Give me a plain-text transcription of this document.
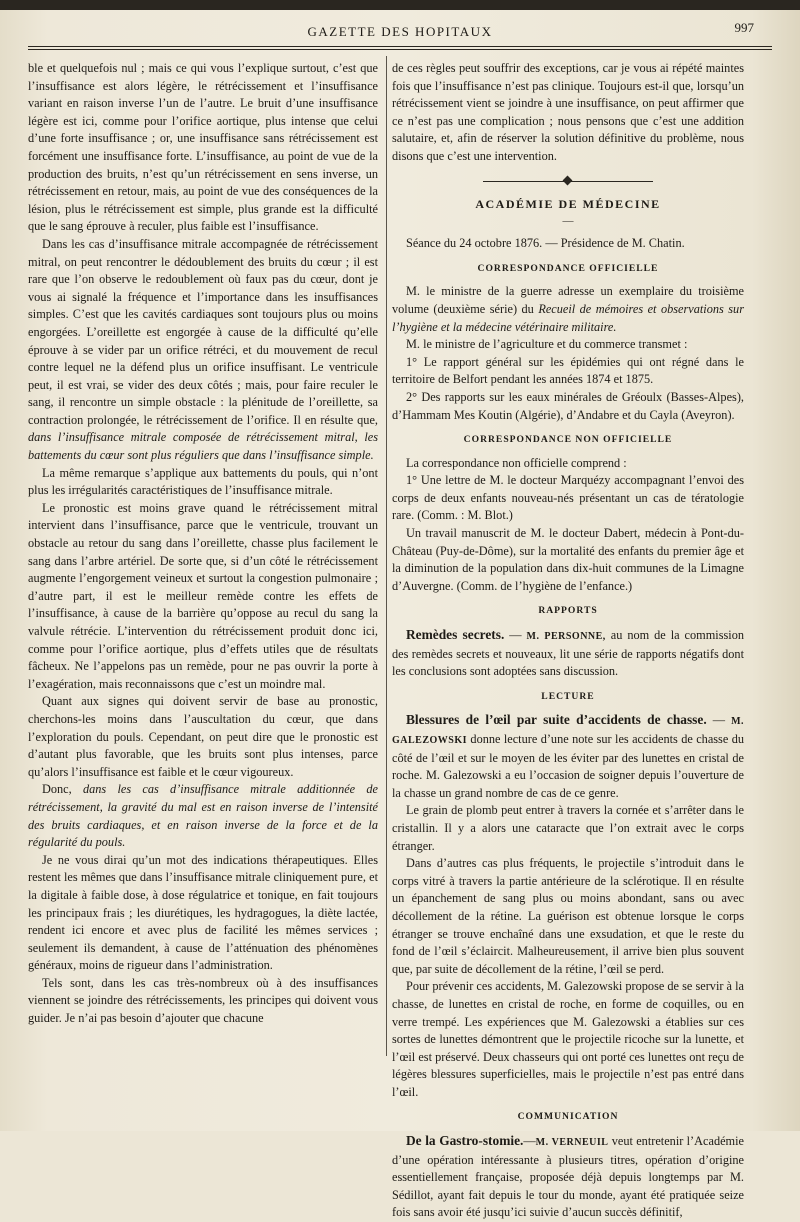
GAZETTE DES HOPITAUX	997

ble et quelquefois nul ; mais ce qui vous l’explique surtout, c’est que l’insuffisance est alors légère, le rétrécissement et l’insuffisance variant en raison inverse l’un de l’autre. Le bruit d’une insuffisance légère est ici, comme pour l’orifice aortique, plus intense que celui d’une forte insuffisance ; or, une insuffisance sans rétrécissement est forcément une insuffisance forte. L’insuffisance, au point de vue de la production des bruits, n’est qu’un rétrécissement en sens inverse, un rétrécissement en retour, mais, au point de vue des conséquences de la lésion, plus le rétrécissement est simple, plus grande est la difficulté que le sang éprouve à reculer, plus faible est l’insuffisance.

Dans les cas d’insuffisance mitrale accompagnée de rétrécissement mitral, on peut rencontrer le dédoublement des bruits du cœur ; il est rare que l’on observe le redoublement où faux pas du cœur, dont je vous ai signalé la fréquence et l’importance dans les insuffisances simples. C’est que les cavités cardiaques sont toujours plus ou moins engorgées. L’oreillette est engorgée à cause de la difficulté qu’elle éprouve à se vider par un orifice rétréci, et du mouvement de recul contre lequel ne la défend plus un orifice insuffisant. Le ventricule peut, il est vrai, se vider des deux côtés ; mais, pour faire reculer le sang, il rencontre un simple obstacle : la plénitude de l’oreillette, sa contraction prolongée, le rétrécissement de l’orifice. Il en résulte que, dans l’insuffisance mitrale composée de rétrécissement mitral, les battements du cœur sont plus réguliers que dans l’insuffisance simple.

La même remarque s’applique aux battements du pouls, qui n’ont plus les irrégularités caractéristiques de l’insuffisance mitrale.

Le pronostic est moins grave quand le rétrécissement mitral intervient dans l’insuffisance, parce que le ventricule, trouvant un obstacle au retour du sang dans l’oreillette, chasse plus facilement le sang dans l’arbre artériel. De sorte que, si d’un côté le rétrécissement augmente l’engorgement veineux et surtout la congestion pulmonaire ; d’autre part, il est le meilleur remède contre les effets de l’insuffisance, à cause de la barrière qu’oppose au recul du sang la valvule rétrécie. L’intervention du rétrécissement produit donc ici, comme pour l’orifice aortique, plus d’effets utiles que de résultats fâcheux. Ne l’appelons pas un remède, pour ne pas ouvrir la porte à l’exagération, mais reconnaissons que c’est un moindre mal.

Quant aux signes qui doivent servir de base au pronostic, cherchons-les moins dans l’auscultation du cœur, que dans l’exploration du pouls. Cependant, on peut dire que le pronostic est d’autant plus favorable, que les bruits sont plus intenses, parce qu’alors l’insuffisance est faible et le cœur vigoureux.

Donc, dans les cas d’insuffisance mitrale additionnée de rétrécissement, la gravité du mal est en raison inverse de l’intensité des bruits cardiaques, et en raison inverse de la force et de la régularité du pouls.

Je ne vous dirai qu’un mot des indications thérapeutiques. Elles restent les mêmes que dans l’insuffisance mitrale cliniquement pure, et la digitale à faible dose, à dose régulatrice et tonique, en fait toujours les principaux frais ; les diurétiques, les hydragogues, la diète lactée, rendent ici encore et avec plus de facilité les mêmes services ; seulement ils demandent, à cause de l’atténuation des phénomènes généraux, moins de rigueur dans l’administration.

Tels sont, dans les cas très-nombreux où à des insuffisances viennent se joindre des rétrécissements, les principes qui doivent vous guider. Je n’ai pas besoin d’ajouter que chacune

de ces règles peut souffrir des exceptions, car je vous ai répété maintes fois que l’insuffisance n’est pas clinique. Toujours est-il que, lorsqu’un rétrécissement vient se joindre à une insuffisance, on peut affirmer que ce n’est pas une complication ; nous pensons que c’est une addition salutaire, et, afin de réserver la solution définitive du problème, nous disons que c’est une intervention.

ACADÉMIE DE MÉDECINE
—

Séance du 24 octobre 1876. — Présidence de M. Chatin.

CORRESPONDANCE OFFICIELLE

M. le ministre de la guerre adresse un exemplaire du troisième volume (deuxième série) du Recueil de mémoires et observations sur l’hygiène et la médecine vétérinaire militaire.

M. le ministre de l’agriculture et du commerce transmet :

1° Le rapport général sur les épidémies qui ont régné dans le territoire de Belfort pendant les années 1874 et 1875.

2° Des rapports sur les eaux minérales de Gréoulx (Basses-Alpes), d’Hammam Mes Koutin (Algérie), d’Andabre et du Cayla (Aveyron).

CORRESPONDANCE NON OFFICIELLE

La correspondance non officielle comprend :

1° Une lettre de M. le docteur Marquézy accompagnant l’envoi des corps de deux enfants nouveau-nés présentant un cas de tératologie rare. (Comm. : M. Blot.)

Un travail manuscrit de M. le docteur Dabert, médecin à Pont-du-Château (Puy-de-Dôme), sur la mortalité des enfants du premier âge et la diminution de la population dans dix-huit communes de la Limagne d’Auvergne. (Comm. de l’hygiène de l’enfance.)

RAPPORTS

Remèdes secrets. — M. PERSONNE, au nom de la commission des remèdes secrets et nouveaux, lit une série de rapports négatifs dont les conclusions sont adoptées sans discussion.

LECTURE

Blessures de l’œil par suite d’accidents de chasse. — M. GALEZOWSKI donne lecture d’une note sur les accidents de chasse du côté de l’œil et sur le moyen de les éviter par des lunettes en cristal de roche. M. Galezowski a eu l’occasion de soigner depuis l’ouverture de la chasse un grand nombre de cas de ce genre.

Le grain de plomb peut entrer à travers la cornée et s’arrêter dans le cristallin. Il y a alors une cataracte que l’on extrait avec le corps étranger.

Dans d’autres cas plus fréquents, le projectile s’introduit dans le corps vitré à travers la partie antérieure de la sclérotique. Il en résulte un épanchement de sang plus ou moins abondant, sans ou avec décollement de la rétine. La guérison est obtenue lorsque le corps étranger se trouve enchaîné dans une exsudation, et que le reste du fond de l’œil s’éclaircit. Malheureusement, il arrive bien plus souvent que, par suite de décollement de la rétine, l’œil se perd.

Pour prévenir ces accidents, M. Galezowski propose de se servir à la chasse, de lunettes en cristal de roche, en forme de coquilles, ou en verre trempé. Les expériences que M. Galezowski a établies sur ces sortes de lunettes démontrent que le projectile ricoche sur la lunette, et l’œil est préservé. Deux chasseurs qui ont porté ces lunettes ont reçu de légères blessures superficielles, mais le projectile n’est pas entré dans l’œil.

COMMUNICATION

De la Gastro-stomie.—M. VERNEUIL veut entretenir l’Académie d’une opération intéressante à plusieurs titres, opération d’origine essentiellement française, proposée déjà depuis longtemps par M. Sédillot, ayant fait depuis le tour du monde, ayant été pratiquée seize fois sans avoir été jusqu’ici suivie d’aucun succès définitif,
